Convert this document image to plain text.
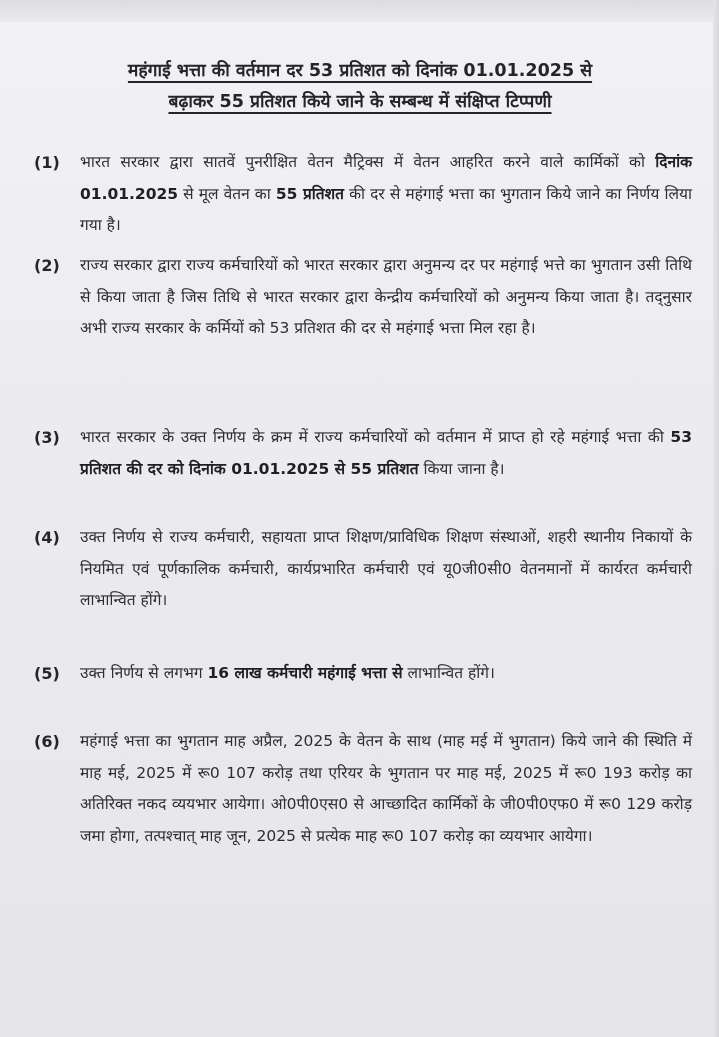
महंगाई भत्ता की वर्तमान दर 53 प्रतिशत को दिनांक 01.01.2025 से
बढ़ाकर 55 प्रतिशत किये जाने के सम्बन्ध में संक्षिप्त टिप्पणी
(1) भारत सरकार द्वारा सातवें पुनरीक्षित वेतन मैट्रिक्स में वेतन आहरित करने वाले कार्मिकों को दिनांक 01.01.2025 से मूल वेतन का 55 प्रतिशत की दर से महंगाई भत्ता का भुगतान किये जाने का निर्णय लिया गया है।
(2) राज्य सरकार द्वारा राज्य कर्मचारियों को भारत सरकार द्वारा अनुमन्य दर पर महंगाई भत्ते का भुगतान उसी तिथि से किया जाता है जिस तिथि से भारत सरकार द्वारा केन्द्रीय कर्मचारियों को अनुमन्य किया जाता है। तद्नुसार अभी राज्य सरकार के कर्मियों को 53 प्रतिशत की दर से महंगाई भत्ता मिल रहा है।
(3) भारत सरकार के उक्त निर्णय के क्रम में राज्य कर्मचारियों को वर्तमान में प्राप्त हो रहे महंगाई भत्ता की 53 प्रतिशत की दर को दिनांक 01.01.2025 से 55 प्रतिशत किया जाना है।
(4) उक्त निर्णय से राज्य कर्मचारी, सहायता प्राप्त शिक्षण/प्राविधिक शिक्षण संस्थाओं, शहरी स्थानीय निकायों के नियमित एवं पूर्णकालिक कर्मचारी, कार्यप्रभारित कर्मचारी एवं यू0जी0सी0 वेतनमानों में कार्यरत कर्मचारी लाभान्वित होंगे।
(5) उक्त निर्णय से लगभग 16 लाख कर्मचारी महंगाई भत्ता से लाभान्वित होंगे।
(6) महंगाई भत्ता का भुगतान माह अप्रैल, 2025 के वेतन के साथ (माह मई में भुगतान) किये जाने की स्थिति में माह मई, 2025 में रू0 107 करोड़ तथा एरियर के भुगतान पर माह मई, 2025 में रू0 193 करोड़ का अतिरिक्त नकद व्ययभार आयेगा। ओ0पी0एस0 से आच्छादित कार्मिकों के जी0पी0एफ0 में रू0 129 करोड़ जमा होगा, तत्पश्चात् माह जून, 2025 से प्रत्येक माह रू0 107 करोड़ का व्ययभार आयेगा।
